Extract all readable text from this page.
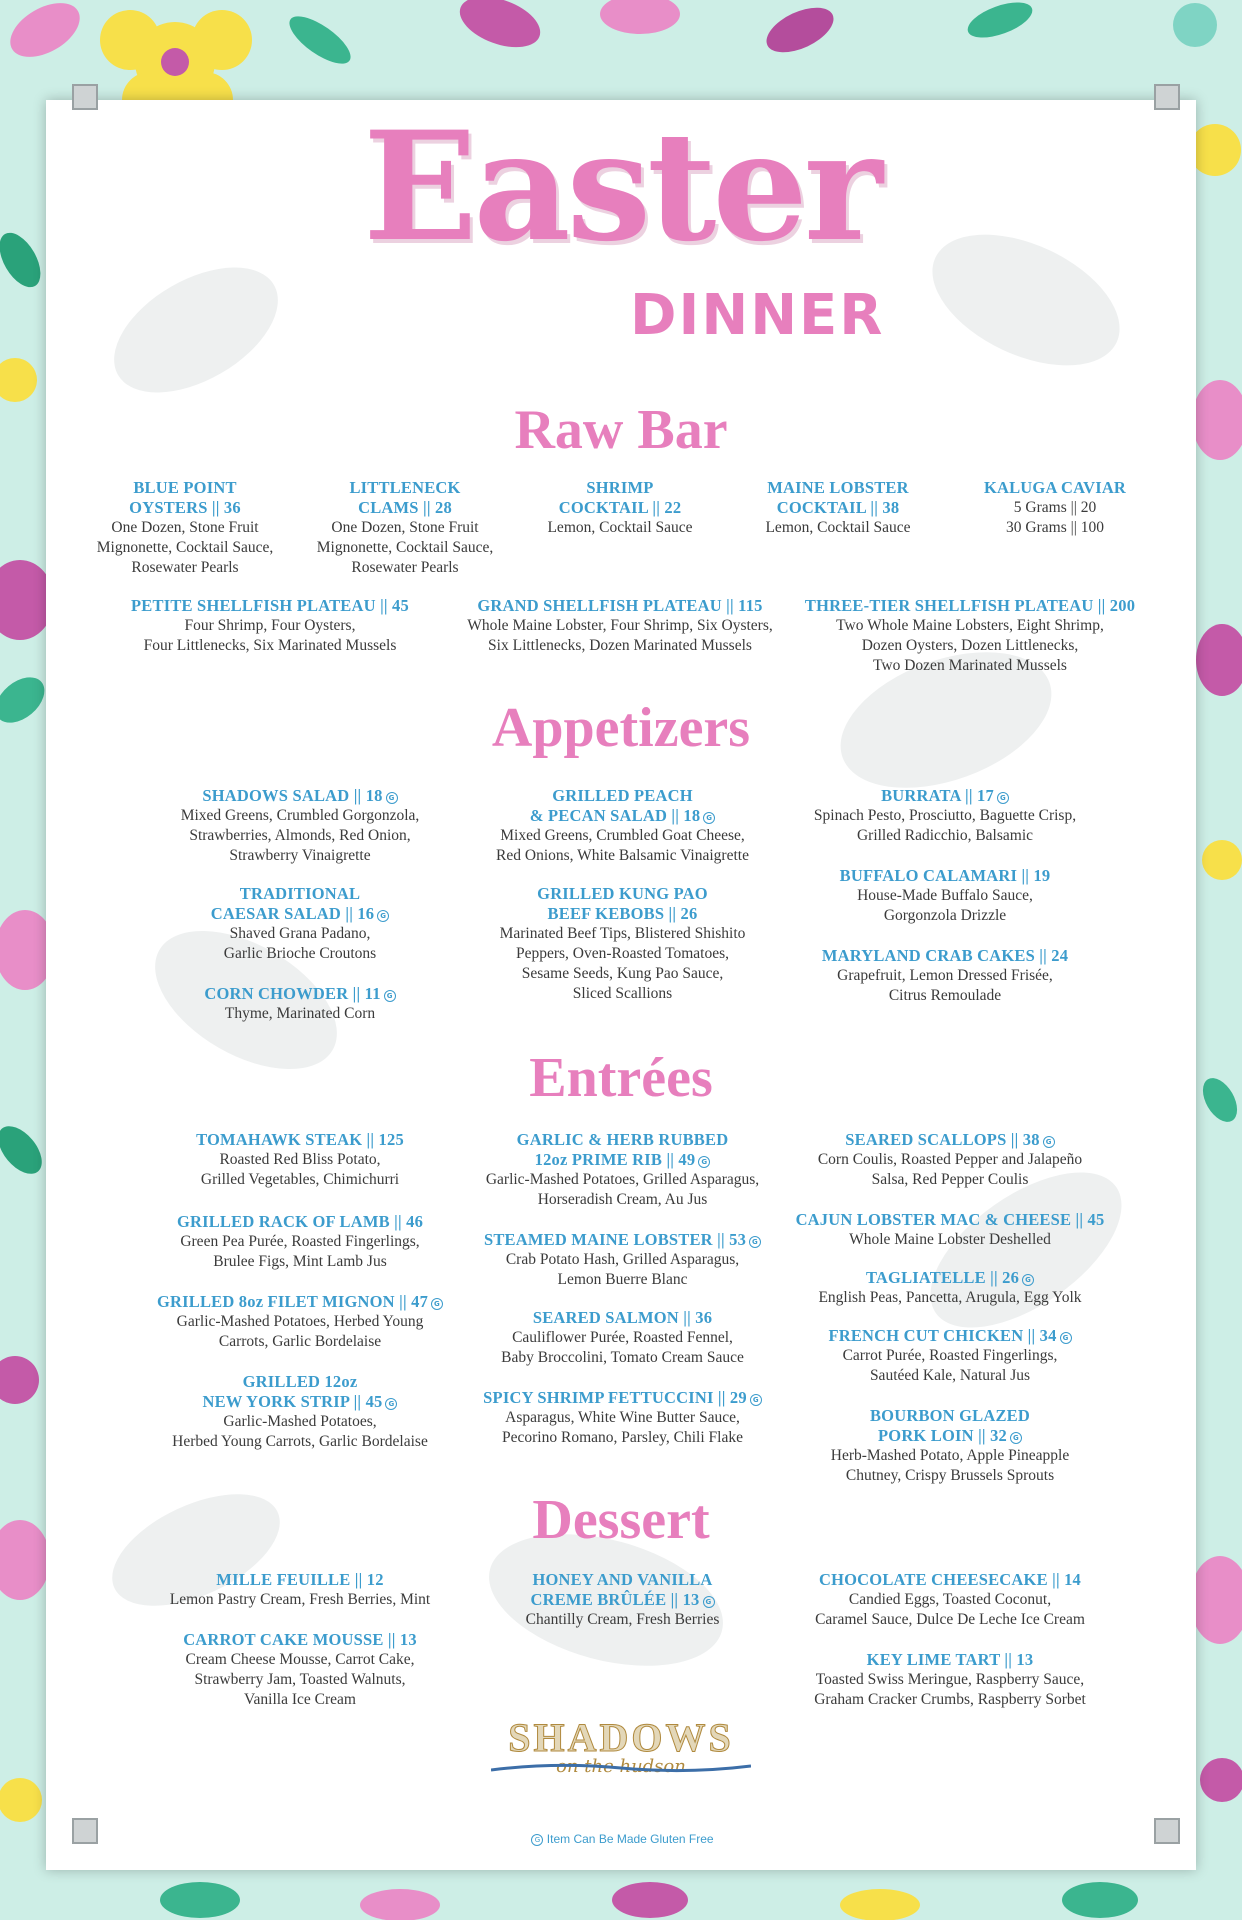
Easter
DINNER
Raw Bar
Appetizers
Entrées
Dessert
BLUE POINT
OYSTERS || 36
One Dozen, Stone Fruit
Mignonette, Cocktail Sauce,
Rosewater Pearls
LITTLENECK
CLAMS || 28
One Dozen, Stone Fruit
Mignonette, Cocktail Sauce,
Rosewater Pearls
SHRIMP
COCKTAIL || 22
Lemon, Cocktail Sauce
MAINE LOBSTER
COCKTAIL || 38
Lemon, Cocktail Sauce
KALUGA CAVIAR
5 Grams || 20
30 Grams || 100
PETITE SHELLFISH PLATEAU || 45
Four Shrimp, Four Oysters,
Four Littlenecks, Six Marinated Mussels
GRAND SHELLFISH PLATEAU || 115
Whole Maine Lobster, Four Shrimp, Six Oysters,
Six Littlenecks, Dozen Marinated Mussels
THREE-TIER SHELLFISH PLATEAU || 200
Two Whole Maine Lobsters, Eight Shrimp,
Dozen Oysters, Dozen Littlenecks,
Two Dozen Marinated Mussels
SHADOWS SALAD || 18 G
Mixed Greens, Crumbled Gorgonzola,
Strawberries, Almonds, Red Onion,
Strawberry Vinaigrette
TRADITIONAL
CAESAR SALAD || 16 G
Shaved Grana Padano,
Garlic Brioche Croutons
CORN CHOWDER || 11 G
Thyme, Marinated Corn
GRILLED PEACH
& PECAN SALAD || 18 G
Mixed Greens, Crumbled Goat Cheese,
Red Onions, White Balsamic Vinaigrette
GRILLED KUNG PAO
BEEF KEBOBS || 26
Marinated Beef Tips, Blistered Shishito
Peppers, Oven-Roasted Tomatoes,
Sesame Seeds, Kung Pao Sauce,
Sliced Scallions
BURRATA || 17 G
Spinach Pesto, Prosciutto, Baguette Crisp,
Grilled Radicchio, Balsamic
BUFFALO CALAMARI || 19
House-Made Buffalo Sauce,
Gorgonzola Drizzle
MARYLAND CRAB CAKES || 24
Grapefruit, Lemon Dressed Frisée,
Citrus Remoulade
TOMAHAWK STEAK || 125
Roasted Red Bliss Potato,
Grilled Vegetables, Chimichurri
GRILLED RACK OF LAMB || 46
Green Pea Purée, Roasted Fingerlings,
Brulee Figs, Mint Lamb Jus
GRILLED 8oz FILET MIGNON || 47 G
Garlic-Mashed Potatoes, Herbed Young
Carrots, Garlic Bordelaise
GRILLED 12oz
NEW YORK STRIP || 45 G
Garlic-Mashed Potatoes,
Herbed Young Carrots, Garlic Bordelaise
GARLIC & HERB RUBBED
12oz PRIME RIB || 49 G
Garlic-Mashed Potatoes, Grilled Asparagus,
Horseradish Cream, Au Jus
STEAMED MAINE LOBSTER || 53 G
Crab Potato Hash, Grilled Asparagus,
Lemon Buerre Blanc
SEARED SALMON || 36
Cauliflower Purée, Roasted Fennel,
Baby Broccolini, Tomato Cream Sauce
SPICY SHRIMP FETTUCCINI || 29 G
Asparagus, White Wine Butter Sauce,
Pecorino Romano, Parsley, Chili Flake
SEARED SCALLOPS || 38 G
Corn Coulis, Roasted Pepper and Jalapeño
Salsa, Red Pepper Coulis
CAJUN LOBSTER MAC & CHEESE || 45
Whole Maine Lobster Deshelled
TAGLIATELLE || 26 G
English Peas, Pancetta, Arugula, Egg Yolk
FRENCH CUT CHICKEN || 34 G
Carrot Purée, Roasted Fingerlings,
Sautéed Kale, Natural Jus
BOURBON GLAZED
PORK LOIN || 32 G
Herb-Mashed Potato, Apple Pineapple
Chutney, Crispy Brussels Sprouts
MILLE FEUILLE || 12
Lemon Pastry Cream, Fresh Berries, Mint
CARROT CAKE MOUSSE || 13
Cream Cheese Mousse, Carrot Cake,
Strawberry Jam, Toasted Walnuts,
Vanilla Ice Cream
HONEY AND VANILLA
CREME BRÛLÉE || 13 G
Chantilly Cream, Fresh Berries
CHOCOLATE CHEESECAKE || 14
Candied Eggs, Toasted Coconut,
Caramel Sauce, Dulce De Leche Ice Cream
KEY LIME TART || 13
Toasted Swiss Meringue, Raspberry Sauce,
Graham Cracker Crumbs, Raspberry Sorbet
SHADOWS
on the hudson
G Item Can Be Made Gluten Free
